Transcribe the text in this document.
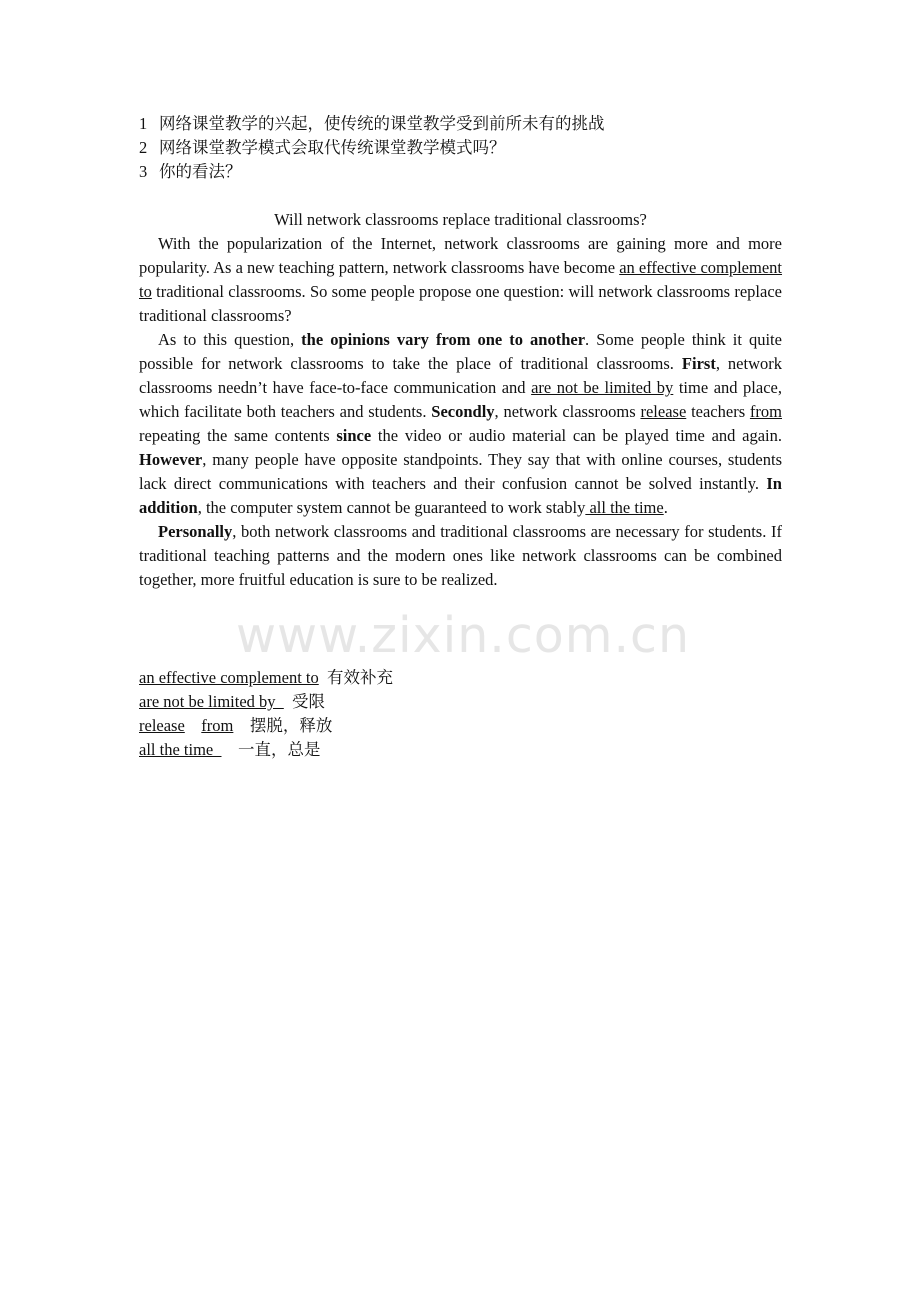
www.zixin.com.cn

1 网络课堂教学的兴起，使传统的课堂教学受到前所未有的挑战

2 网络课堂教学模式会取代传统课堂教学模式吗？

3 你的看法？

Will network classrooms replace traditional classrooms?

With the popularization of the Internet, network classrooms are gaining more and more popularity. As a new teaching pattern, network classrooms have become an effective complement to traditional classrooms. So some people propose one question: will network classrooms replace traditional classrooms?

As to this question, the opinions vary from one to another. Some people think it quite possible for network classrooms to take the place of traditional classrooms. First, network classrooms needn’t have face-to-face communication and are not be limited by time and place, which facilitate both teachers and students. Secondly, network classrooms release teachers from repeating the same contents since the video or audio material can be played time and again. However, many people have opposite standpoints. They say that with online courses, students lack direct communications with teachers and their confusion cannot be solved instantly. In addition, the computer system cannot be guaranteed to work stably all the time.

Personally, both network classrooms and traditional classrooms are necessary for students. If traditional teaching patterns and the modern ones like network classrooms can be combined together, more fruitful education is sure to be realized.

an effective complement to 有效补充
are not be limited by    受限
release from 摆脱，释放
all the time      一直，总是
